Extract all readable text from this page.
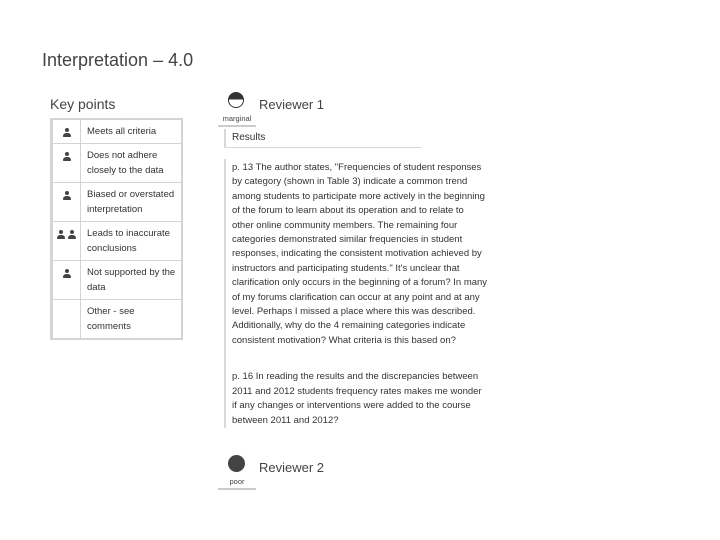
Interpretation – 4.0
Key points
Meets all criteria
Does not adhere closely to the data
Biased or overstated interpretation
Leads to inaccurate conclusions
Not supported by the data
Other - see comments
marginal
Reviewer 1
Results

p. 13 The author states, "Frequencies of student responses by category (shown in Table 3) indicate a common trend among students to participate more actively in the beginning of the forum to learn about its operation and to relate to other online community members. The remaining four categories demonstrated similar frequencies in student responses, indicating the consistent motivation achieved by instructors and participating students." It's unclear that clarification only occurs in the beginning of a forum? In many of my forums clarification can occur at any point and at any level. Perhaps I missed a place where this was described. Additionally, why do the 4 remaining categories indicate consistent motivation? What criteria is this based on?

p. 16 In reading the results and the discrepancies between 2011 and 2012 students frequency rates makes me wonder if any changes or interventions were added to the course between 2011 and 2012?

poor
Reviewer 2
